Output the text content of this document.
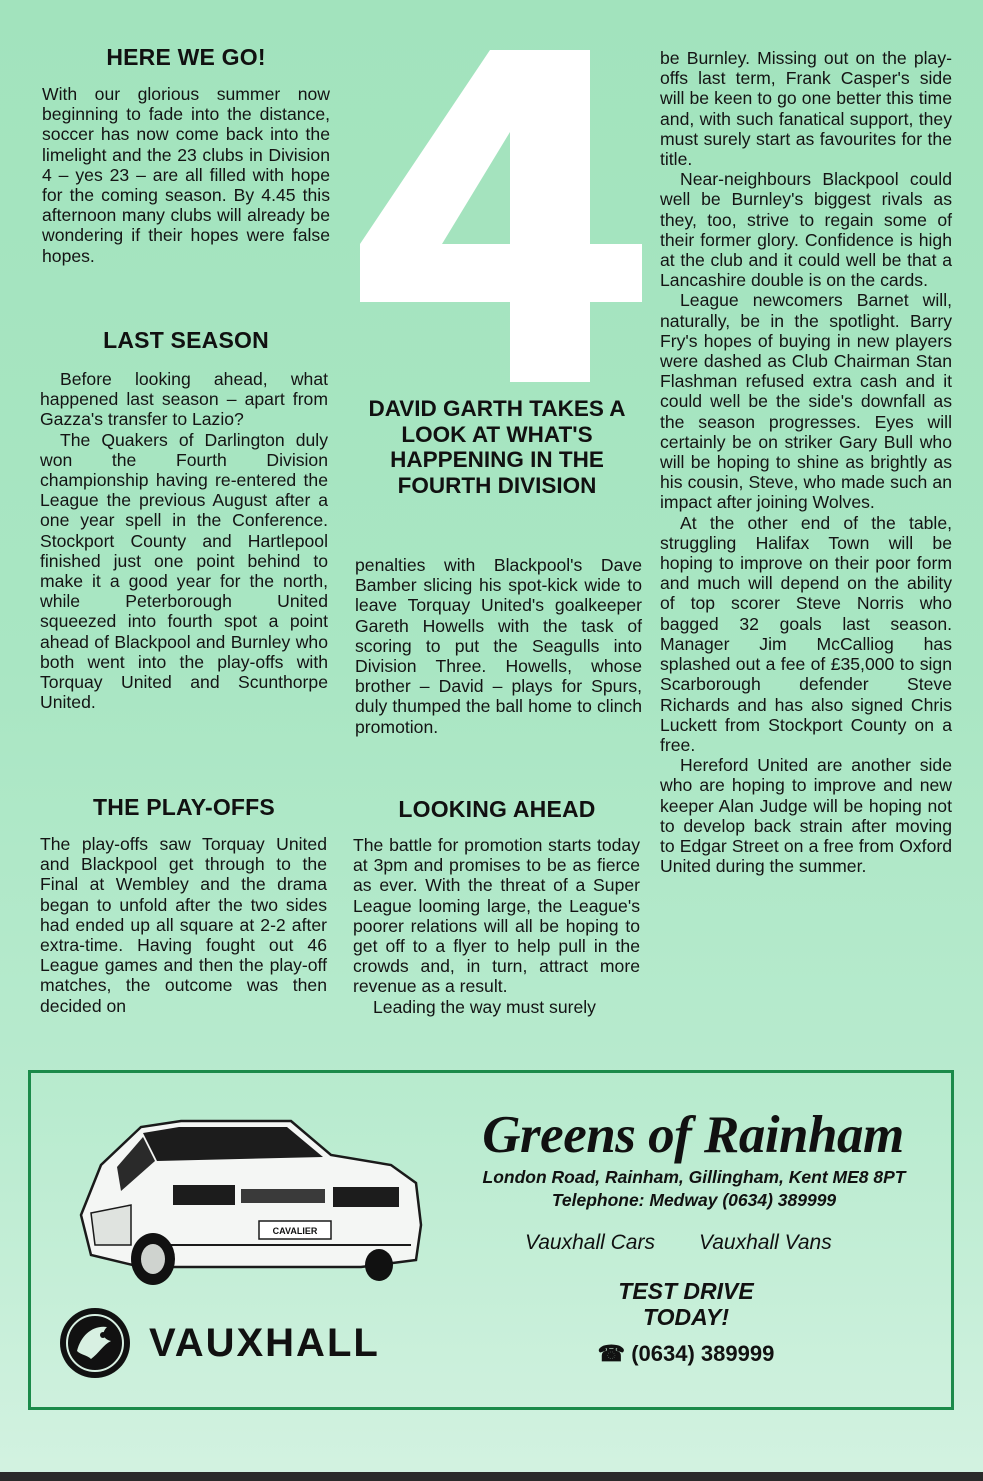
HERE WE GO!

With our glorious summer now beginning to fade into the distance, soccer has now come back into the limelight and the 23 clubs in Division 4 – yes 23 – are all filled with hope for the coming season. By 4.45 this afternoon many clubs will already be wondering if their hopes were false hopes.

LAST SEASON

Before looking ahead, what happened last season – apart from Gazza's transfer to Lazio?

The Quakers of Darlington duly won the Fourth Division championship having re-entered the League the previous August after a one year spell in the Conference. Stockport County and Hartlepool finished just one point behind to make it a good year for the north, while Peterborough United squeezed into fourth spot a point ahead of Blackpool and Burnley who both went into the play-offs with Torquay United and Scunthorpe United.

THE PLAY-OFFS

The play-offs saw Torquay United and Blackpool get through to the Final at Wembley and the drama began to unfold after the two sides had ended up all square at 2-2 after extra-time. Having fought out 46 League games and then the play-off matches, the outcome was then decided on

4
DAVID GARTH TAKES A LOOK AT WHAT'S HAPPENING IN THE FOURTH DIVISION

penalties with Blackpool's Dave Bamber slicing his spot-kick wide to leave Torquay United's goalkeeper Gareth Howells with the task of scoring to put the Seagulls into Division Three. Howells, whose brother – David – plays for Spurs, duly thumped the ball home to clinch promotion.

LOOKING AHEAD

The battle for promotion starts today at 3pm and promises to be as fierce as ever. With the threat of a Super League looming large, the League's poorer relations will all be hoping to get off to a flyer to help pull in the crowds and, in turn, attract more revenue as a result.

Leading the way must surely

be Burnley. Missing out on the play-offs last term, Frank Casper's side will be keen to go one better this time and, with such fanatical support, they must surely start as favourites for the title.

Near-neighbours Blackpool could well be Burnley's biggest rivals as they, too, strive to regain some of their former glory. Confidence is high at the club and it could well be that a Lancashire double is on the cards.

League newcomers Barnet will, naturally, be in the spotlight. Barry Fry's hopes of buying in new players were dashed as Club Chairman Stan Flashman refused extra cash and it could well be the side's downfall as the season progresses. Eyes will certainly be on striker Gary Bull who will be hoping to shine as brightly as his cousin, Steve, who made such an impact after joining Wolves.

At the other end of the table, struggling Halifax Town will be hoping to improve on their poor form and much will depend on the ability of top scorer Steve Norris who bagged 32 goals last season. Manager Jim McCalliog has splashed out a fee of £35,000 to sign Scarborough defender Steve Richards and has also signed Chris Luckett from Stockport County on a free.

Hereford United are another side who are hoping to improve and new keeper Alan Judge will be hoping not to develop back strain after moving to Edgar Street on a free from Oxford United during the summer.

CAVALIER
VAUXHALL
Greens of Rainham
London Road, Rainham, Gillingham, Kent ME8 8PT
Telephone: Medway (0634) 389999
Vauxhall Cars Vauxhall Vans
TEST DRIVE
TODAY!
☎ (0634) 389999
